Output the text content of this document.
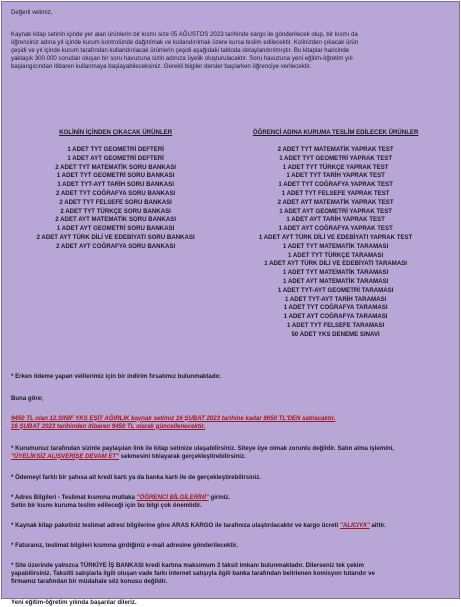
Değerli velimiz,

Kaynak kitap setinin içinde yer alan ürünlerin bir kısmı size 05 AĞUSTOS 2023 tarihinde kargo ile gönderilecek olup, bir kısmı da
öğrenciniz adına yıl içinde kurum kontrolünde dağıtılmak ve kullandırılmak üzere kursa teslim edilecektir. Kolinizden çıkacak ürün
çeşidi ve yıl içinde kurum tarafından kullandırılacak ürünlerin çeşidi aşağıdaki tabloda detaylandırılmıştır. Bu kitaplar haricinde
yaklaşık 300.000 sorudan oluşan bir soru havuzuna sizin adınıza üyelik oluşturulacaktır. Soru havuzuna yeni eğitim-öğretim yılı
başlangıcından itibaren kullanmaya başlayabileceksiniz. Gerekli bilgiler dersler başlarken öğrenciye verilecektir.

KOLİNİN İÇİNDEN ÇIKACAK ÜRÜNLER
1 ADET TYT GEOMETRİ DEFTERİ
1 ADET AYT GEOMETRİ DEFTERİ
2 ADET TYT MATEMATİK SORU BANKASI
1 ADET TYT GEOMETRİ SORU BANKASI
1 ADET TYT-AYT TARİH SORU BANKASI
2 ADET TYT COĞRAFYA SORU BANKASI
2 ADET TYT FELSEFE SORU BANKASI
2 ADET TYT TÜRKÇE SORU BANKASI
2 ADET AYT MATEMATİK SORU BANKASI
1 ADET AYT GEOMETRİ SORU BANKASI
2 ADET AYT TÜRK DİLİ VE EDEBİYATI SORU BANKASI
2 ADET AYT COĞRAFYA SORU BANKASI
ÖĞRENCİ ADINA KURUMA TESLİM EDİLECEK ÜRÜNLER
2 ADET TYT MATEMATİK YAPRAK TEST
1 ADET TYT GEOMETRİ YAPRAK TEST
1 ADET TYT TÜRKÇE YAPRAK TEST
1 ADET TYT TARİH YAPRAK TEST
1 ADET TYT COĞRAFYA YAPRAK TEST
1 ADET TYT FELSEFE YAPRAK TEST
2 ADET AYT MATEMATİK YAPRAK TEST
1 ADET AYT GEOMETRİ YAPRAK TEST
1 ADET AYT TARİH YAPRAK TEST
1 ADET AYT COĞRAFYA YAPRAK TEST
1 ADET AYT TÜRK DİLİ VE EDEBİYATI YAPRAK TEST
1 ADET TYT MATEMATİK TARAMASI
1 ADET TYT TÜRKÇE TARAMASI
1 ADET AYT TÜRK DİLİ VE EDEBİYATI TARAMASI
1 ADET TYT MATEMATİK TARAMASI
1 ADET AYT MATEMATİK TARAMASI
1 ADET TYT-AYT GEOMETRİ TARAMASI
1 ADET TYT-AYT TARİH TARAMASI
1 ADET TYT COĞRAFYA TARAMASI
1 ADET AYT COĞRAFYA TARAMASI
1 ADET TYT FELSEFE TARAMASI
50 ADET YKS DENEME SINAVI

* Erken ödeme yapan velilerimiz için bir indirim fırsatımız bulunmaktadır.

Buna göre;

9450 TL olan 12.SINIF YKS EŞİT AĞIRLIK kaynak setimiz 16 ŞUBAT 2023 tarihine kadar 8650 TL'DEN satılacaktır.
16 ŞUBAT 2023 tarihinden itibaren 9450 TL olarak güncellenecektir.

* Kurumunuz tarafından sizinle paylaşılan link ile kitap setinize ulaşabilirsiniz. Siteye üye olmak zorunlu değildir. Satın alma işlemini,
"ÜYELİKSİZ ALIŞVERİŞE DEVAM ET" sekmesini tıklayarak gerçekleştirebilirsiniz.

* Ödemeyi farklı bir şahısa ait kredi kartı ya da banka kartı ile de gerçekleştirebilirsiniz.

* Adres Bilgileri - Teslimat kısmına mutlaka "ÖĞRENCİ BİLGİLERİNİ" giriniz.
Setin bir kısmı kuruma teslim edileceği için bu bilgi çok önemlidir.

* Kaynak kitap paketiniz teslimat adresi bilgilerine göre ARAS KARGO ile tarafınıza ulaştırılacaktır ve kargo ücreti "ALICIYA" aittir.

* Faturanız, teslimat bilgileri kısmına girdiğiniz e-mail adresine gönderilecektir.

* Site üzerinde yalnızca TÜRKİYE İŞ BANKASI kredi kartına maksimum 3 taksit imkanı bulunmaktadır. Dilerseniz tek çekim
yapabilirsiniz. Taksitli satışlarla ilgili oluşan vade farkı internet satışıyla ilgili banka tarafından belirlenen komisyon tutarıdır ve
firmamız tarafından bir müdahale söz konusu değildir.

Yeni eğitim-öğretim yılında başarılar dileriz.
